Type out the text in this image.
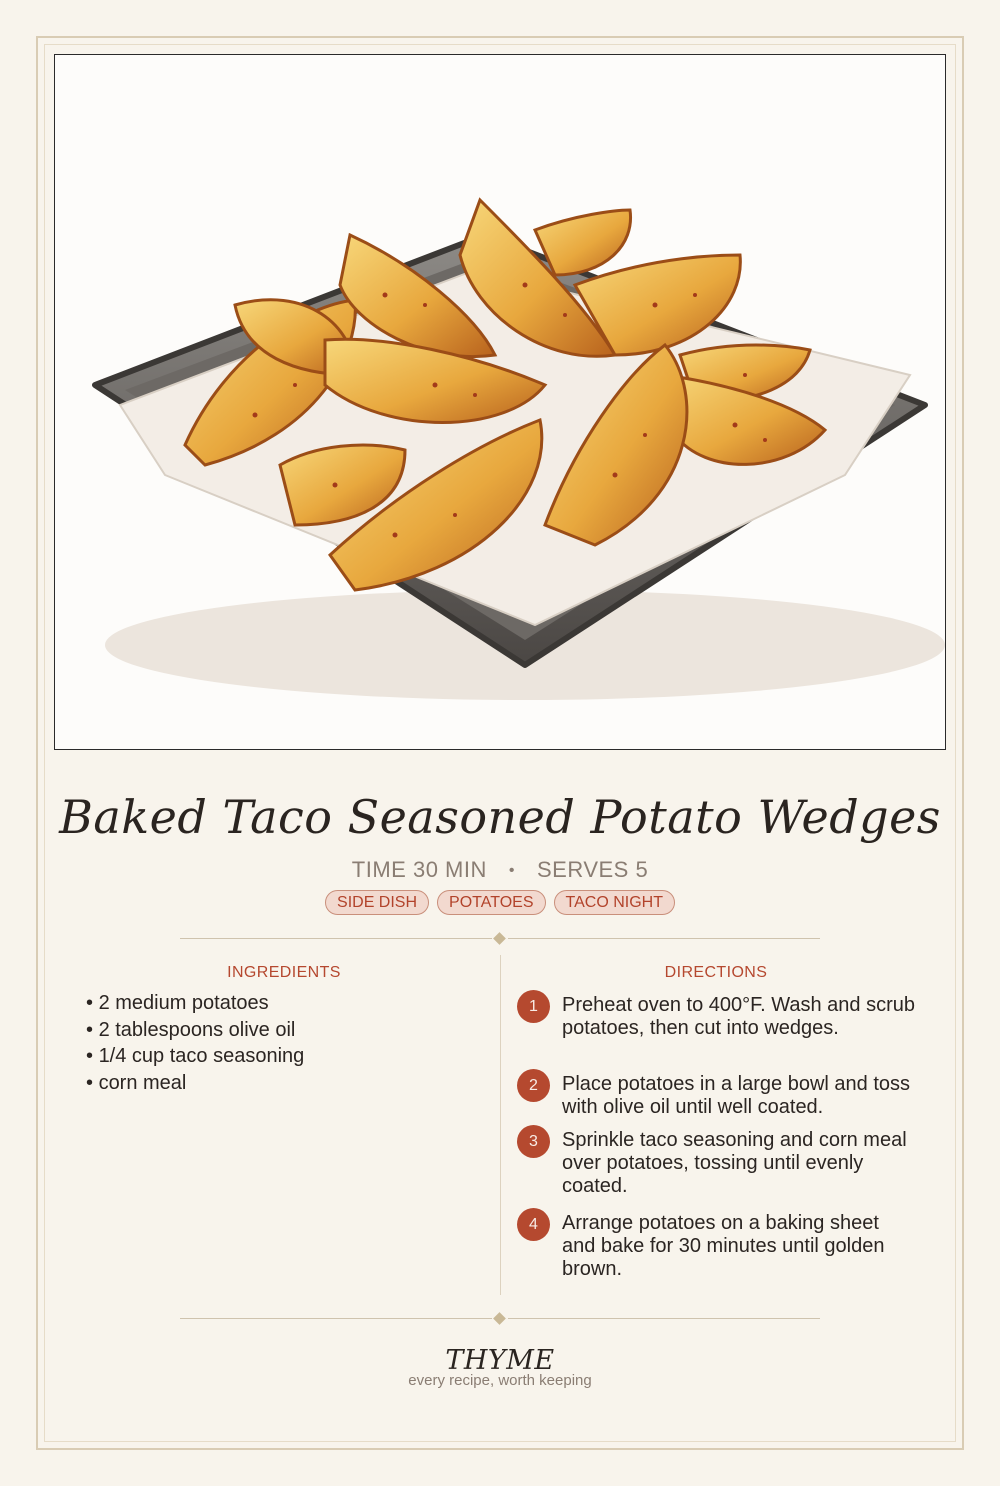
Baked Taco Seasoned Potato Wedges
TIME 30 MIN • SERVES 5
SIDE DISH	POTATOES	TACO NIGHT
INGREDIENTS
• 2 medium potatoes
• 2 tablespoons olive oil
• 1/4 cup taco seasoning
• corn meal
DIRECTIONS
1	Preheat oven to 400°F. Wash and scrub potatoes, then cut into wedges.
2	Place potatoes in a large bowl and toss with olive oil until well coated.
3	Sprinkle taco seasoning and corn meal over potatoes, tossing until evenly coated.
4	Arrange potatoes on a baking sheet and bake for 30 minutes until golden brown.
THYME
every recipe, worth keeping
